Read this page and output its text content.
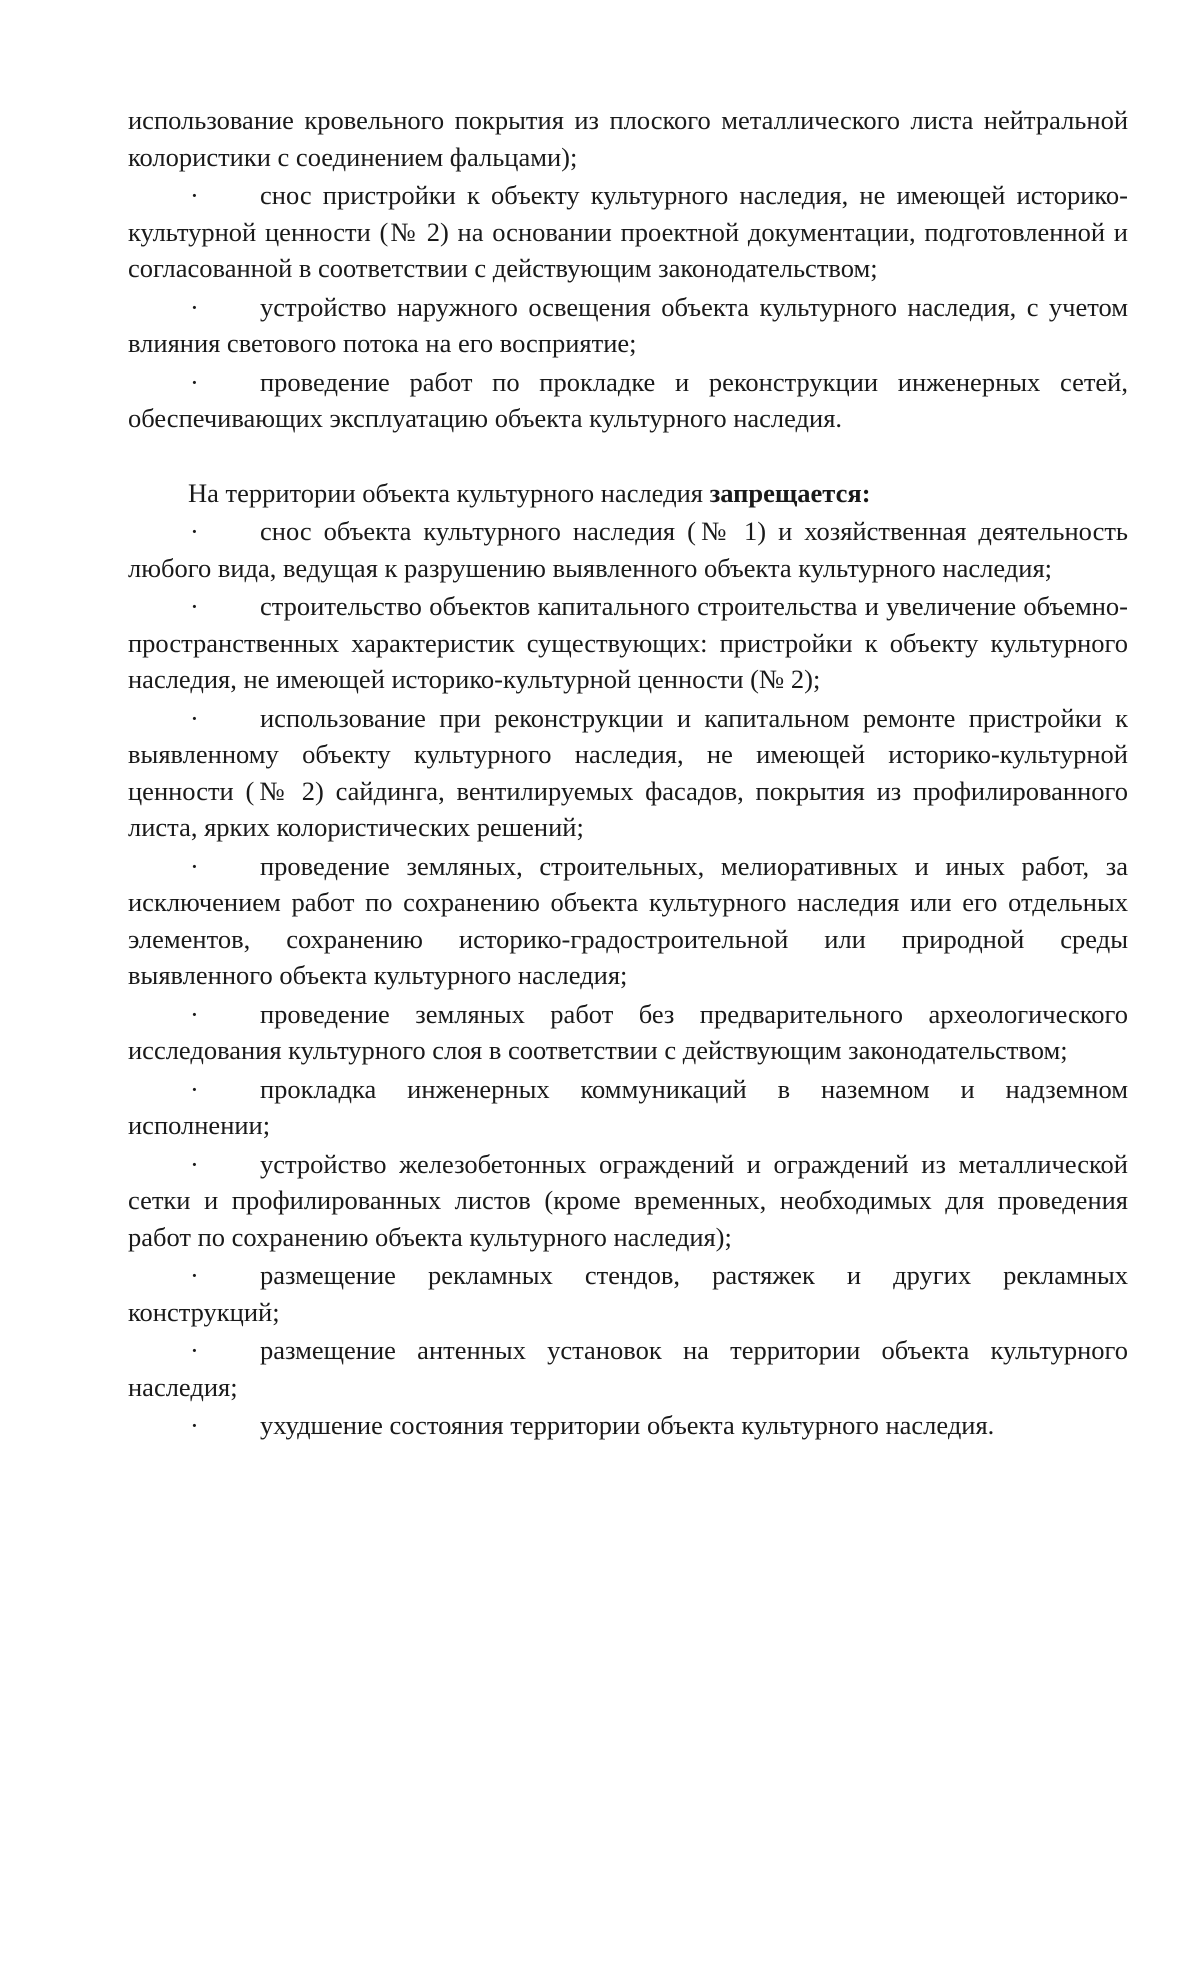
использование кровельного покрытия из плоского металлического листа нейтральной колористики с соединением фальцами);

· снос пристройки к объекту культурного наследия, не имеющей историко-культурной ценности (№ 2) на основании проектной документации, подготовленной и согласованной в соответствии с действующим законодательством;

· устройство наружного освещения объекта культурного наследия, с учетом влияния светового потока на его восприятие;

· проведение работ по прокладке и реконструкции инженерных сетей, обеспечивающих эксплуатацию объекта культурного наследия.

На территории объекта культурного наследия запрещается:

· снос объекта культурного наследия (№ 1) и хозяйственная деятельность любого вида, ведущая к разрушению выявленного объекта культурного наследия;

· строительство объектов капитального строительства и увеличение объемно-пространственных характеристик существующих: пристройки к объекту культурного наследия, не имеющей историко-культурной ценности (№ 2);

· использование при реконструкции и капитальном ремонте пристройки к выявленному объекту культурного наследия, не имеющей историко-культурной ценности (№ 2) сайдинга, вентилируемых фасадов, покрытия из профилированного листа, ярких колористических решений;

· проведение земляных, строительных, мелиоративных и иных работ, за исключением работ по сохранению объекта культурного наследия или его отдельных элементов, сохранению историко-градостроительной или природной среды выявленного объекта культурного наследия;

· проведение земляных работ без предварительного археологического исследования культурного слоя в соответствии с действующим законодательством;

· прокладка инженерных коммуникаций в наземном и надземном исполнении;

· устройство железобетонных ограждений и ограждений из металлической сетки и профилированных листов (кроме временных, необходимых для проведения работ по сохранению объекта культурного наследия);

· размещение рекламных стендов, растяжек и других рекламных конструкций;

· размещение антенных установок на территории объекта культурного наследия;

· ухудшение состояния территории объекта культурного наследия.
